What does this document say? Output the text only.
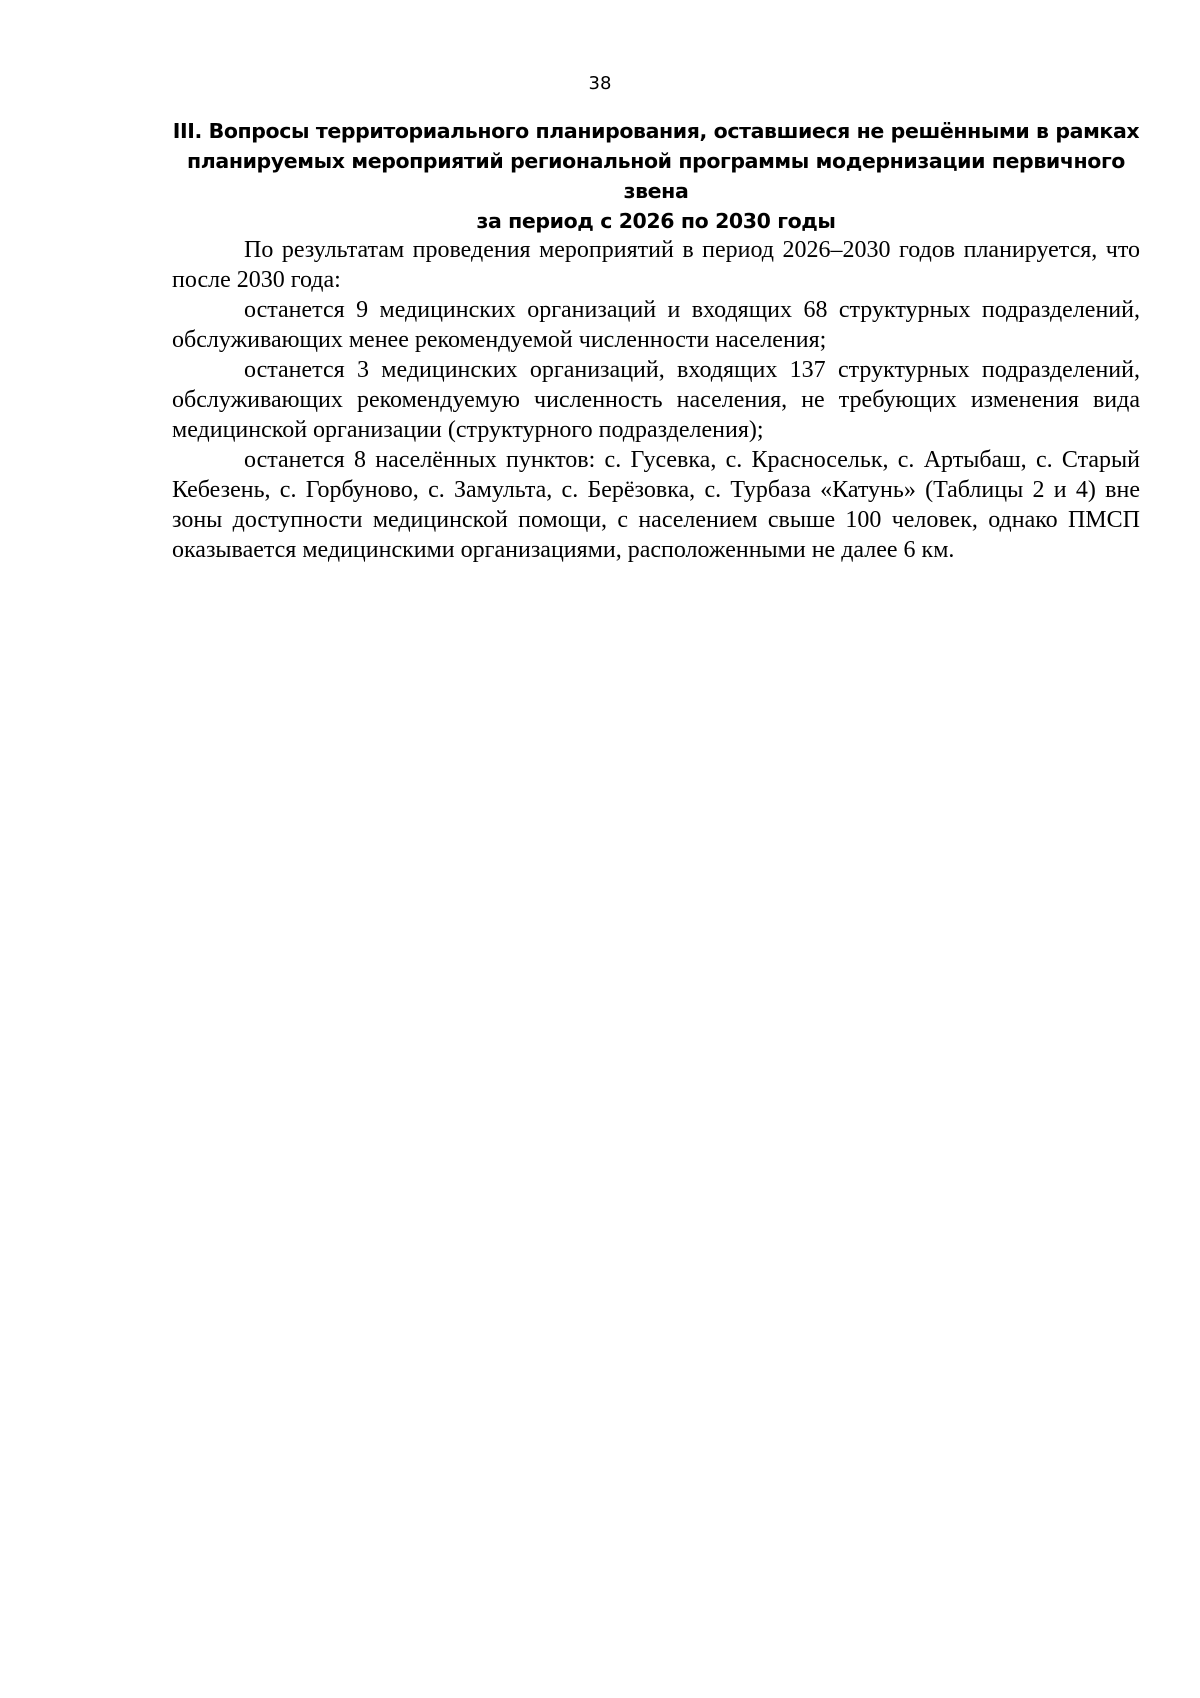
38
III. Вопросы территориального планирования, оставшиеся не решёнными в рамках
планируемых мероприятий региональной программы модернизации первичного звена
за период с 2026 по 2030 годы

По результатам проведения мероприятий в период 2026–2030 годов планируется, что после 2030 года:

останется 9 медицинских организаций и входящих 68 структурных подразделений, обслуживающих менее рекомендуемой численности населения;

останется 3 медицинских организаций, входящих 137 структурных подразделений, обслуживающих рекомендуемую численность населения, не требующих изменения вида медицинской организации (структурного подразделения);

останется 8 населённых пунктов: с. Гусевка, с. Красносельк, с. Артыбаш, с. Старый Кебезень, с. Горбуново, с. Замульта, с. Берёзовка, с. Турбаза «Катунь» (Таблицы 2 и 4) вне зоны доступности медицинской помощи, с населением свыше 100 человек, однако ПМСП оказывается медицинскими организациями, расположенными не далее 6 км.
